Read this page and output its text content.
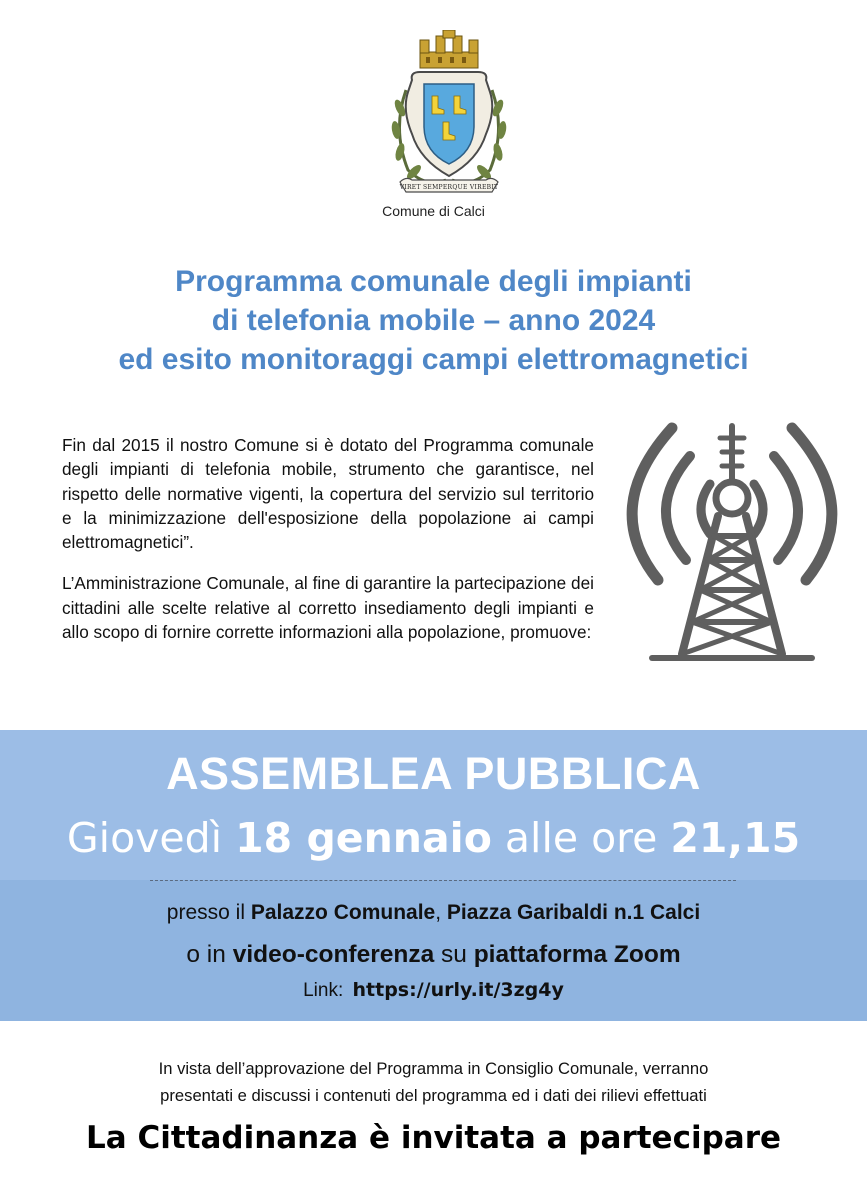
VIRET SEMPERQUE VIREBIT
Comune di Calci
Programma comunale degli impianti
di telefonia mobile – anno 2024
ed esito monitoraggi campi elettromagnetici

Fin dal 2015 il nostro Comune si è dotato del Programma comunale degli impianti di telefonia mobile, strumento che garantisce, nel rispetto delle normative vigenti, la copertura del servizio sul territorio e la minimizzazione dell'esposizione della popolazione ai campi elettromagnetici”.

L’Amministrazione Comunale, al fine di garantire la partecipazione dei cittadini alle scelte relative al corretto insediamento degli impianti e allo scopo di fornire corrette informazioni alla popolazione, promuove:

ASSEMBLEA PUBBLICA
Giovedì 18 gennaio alle ore 21,15
presso il Palazzo Comunale, Piazza Garibaldi n.1 Calci
o in video-conferenza su piattaforma Zoom
Link: https://urly.it/3zg4y
In vista dell’approvazione del Programma in Consiglio Comunale, verranno
presentati e discussi i contenuti del programma ed i dati dei rilievi effettuati
La Cittadinanza è invitata a partecipare
